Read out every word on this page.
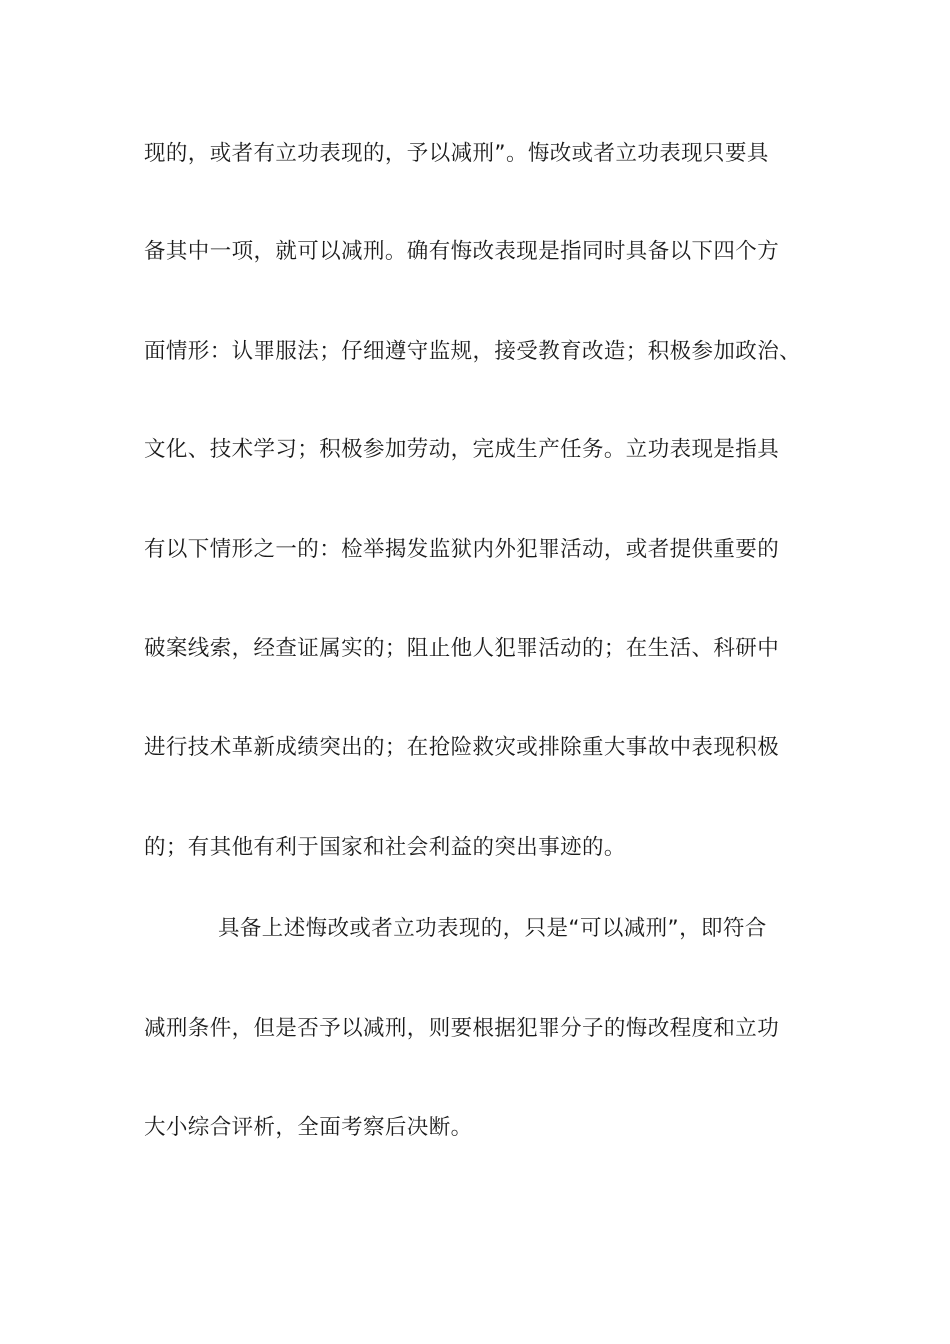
现的，或者有立功表现的，予以减刑”。悔改或者立功表现只要具
备其中一项，就可以减刑。确有悔改表现是指同时具备以下四个方
面情形：认罪服法；仔细遵守监规，接受教育改造；积极参加政治、
文化、技术学习；积极参加劳动，完成生产任务。立功表现是指具
有以下情形之一的：检举揭发监狱内外犯罪活动，或者提供重要的
破案线索，经查证属实的；阻止他人犯罪活动的；在生活、科研中
进行技术革新成绩突出的；在抢险救灾或排除重大事故中表现积极
的；有其他有利于国家和社会利益的突出事迹的。
具备上述悔改或者立功表现的，只是“可以减刑”，即符合
减刑条件，但是否予以减刑，则要根据犯罪分子的悔改程度和立功
大小综合评析，全面考察后决断。
